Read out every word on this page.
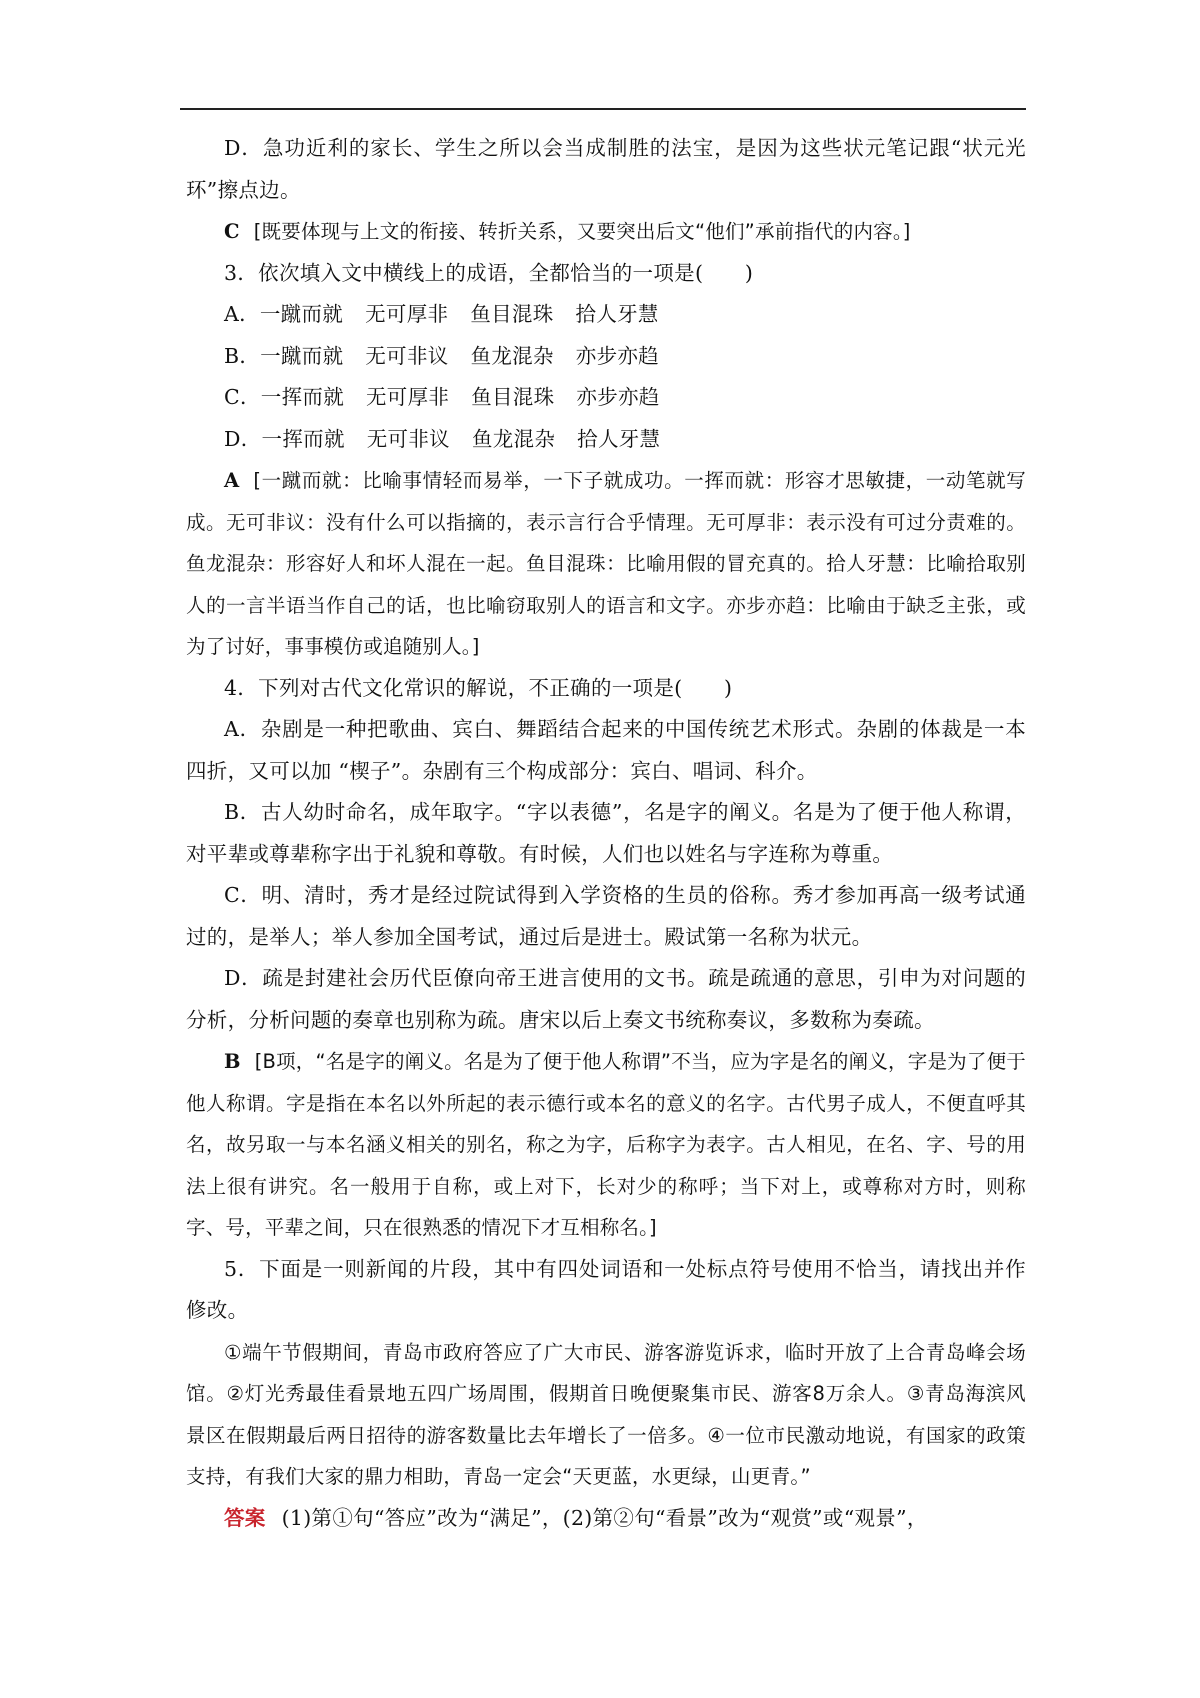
D．急功近利的家长、学生之所以会当成制胜的法宝，是因为这些状元笔记跟“状元光环”擦点边。

C [既要体现与上文的衔接、转折关系，又要突出后文“他们”承前指代的内容。]

3．依次填入文中横线上的成语，全都恰当的一项是(　　)

A．一蹴而就 无可厚非 鱼目混珠 拾人牙慧

B．一蹴而就 无可非议 鱼龙混杂 亦步亦趋

C．一挥而就 无可厚非 鱼目混珠 亦步亦趋

D．一挥而就 无可非议 鱼龙混杂 拾人牙慧

A [一蹴而就：比喻事情轻而易举，一下子就成功。一挥而就：形容才思敏捷，一动笔就写成。无可非议：没有什么可以指摘的，表示言行合乎情理。无可厚非：表示没有可过分责难的。鱼龙混杂：形容好人和坏人混在一起。鱼目混珠：比喻用假的冒充真的。拾人牙慧：比喻拾取别人的一言半语当作自己的话，也比喻窃取别人的语言和文字。亦步亦趋：比喻由于缺乏主张，或为了讨好，事事模仿或追随别人。]

4．下列对古代文化常识的解说，不正确的一项是(　　)

A．杂剧是一种把歌曲、宾白、舞蹈结合起来的中国传统艺术形式。杂剧的体裁是一本四折，又可以加 “楔子”。杂剧有三个构成部分：宾白、唱词、科介。

B．古人幼时命名，成年取字。“字以表德”，名是字的阐义。名是为了便于他人称谓，对平辈或尊辈称字出于礼貌和尊敬。有时候，人们也以姓名与字连称为尊重。

C．明、清时，秀才是经过院试得到入学资格的生员的俗称。秀才参加再高一级考试通过的，是举人；举人参加全国考试，通过后是进士。殿试第一名称为状元。

D．疏是封建社会历代臣僚向帝王进言使用的文书。疏是疏通的意思，引申为对问题的分析，分析问题的奏章也别称为疏。唐宋以后上奏文书统称奏议，多数称为奏疏。

B [B项，“名是字的阐义。名是为了便于他人称谓”不当，应为字是名的阐义，字是为了便于他人称谓。字是指在本名以外所起的表示德行或本名的意义的名字。古代男子成人，不便直呼其名，故另取一与本名涵义相关的别名，称之为字，后称字为表字。古人相见，在名、字、号的用法上很有讲究。名一般用于自称，或上对下，长对少的称呼；当下对上，或尊称对方时，则称字、号，平辈之间，只在很熟悉的情况下才互相称名。]

5．下面是一则新闻的片段，其中有四处词语和一处标点符号使用不恰当，请找出并作修改。

①端午节假期间，青岛市政府答应了广大市民、游客游览诉求，临时开放了上合青岛峰会场馆。②灯光秀最佳看景地五四广场周围，假期首日晚便聚集市民、游客8万余人。③青岛海滨风景区在假期最后两日招待的游客数量比去年增长了一倍多。④一位市民激动地说，有国家的政策支持，有我们大家的鼎力相助，青岛一定会“天更蓝，水更绿，山更青。”

答案 (1)第①句“答应”改为“满足”，(2)第②句“看景”改为“观赏”或“观景”，
